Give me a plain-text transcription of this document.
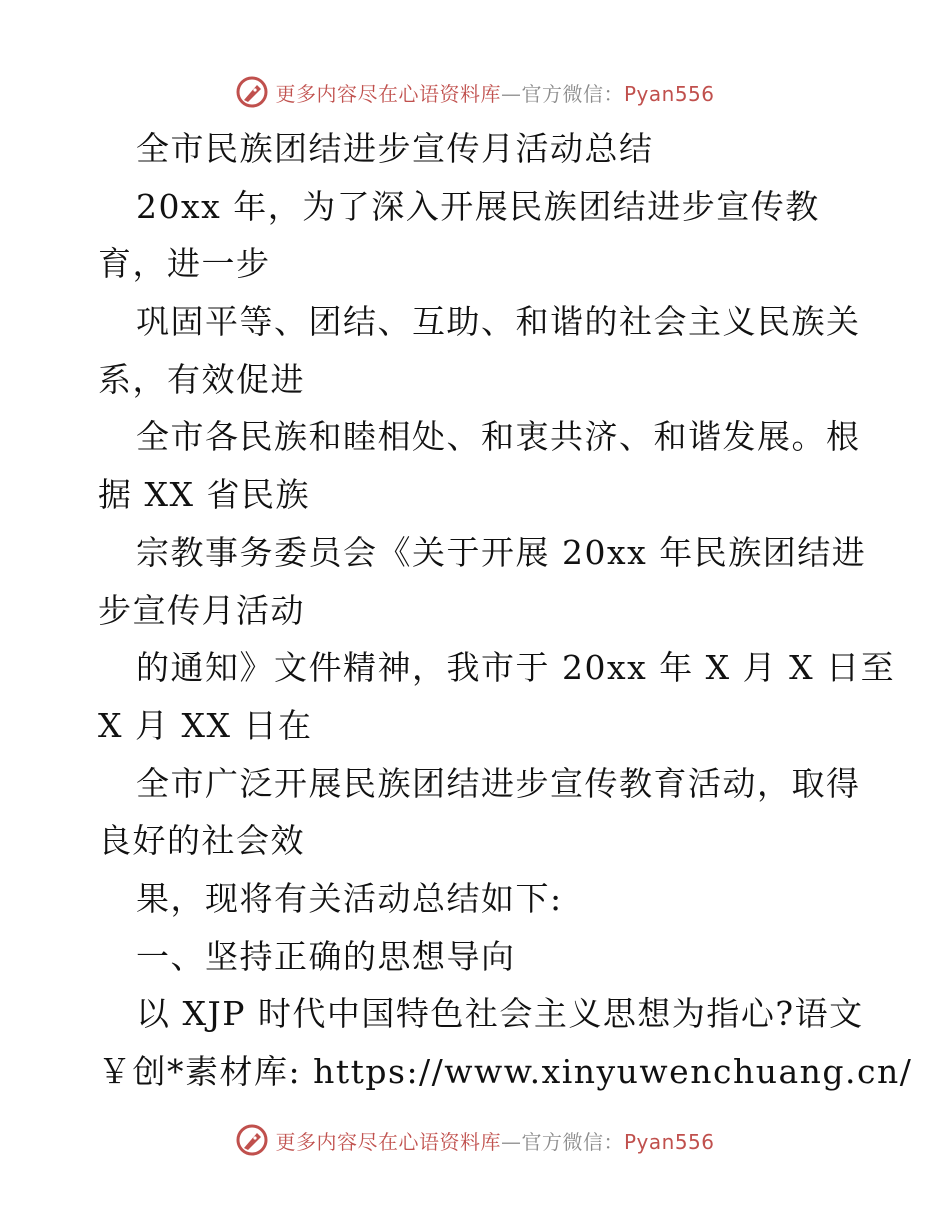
更多内容尽在心语资料库—官方微信：Pyan556
全市民族团结进步宣传月活动总结
20xx 年，为了深入开展民族团结进步宣传教
育，进一步
巩固平等、团结、互助、和谐的社会主义民族关
系，有效促进
全市各民族和睦相处、和衷共济、和谐发展。根
据 XX 省民族
宗教事务委员会《关于开展 20xx 年民族团结进
步宣传月活动
的通知》文件精神，我市于 20xx 年 X 月 X 日至
X 月 XX 日在
全市广泛开展民族团结进步宣传教育活动，取得
良好的社会效
果，现将有关活动总结如下:
一、坚持正确的思想导向
以 XJP 时代中国特色社会主义思想为指心?语文
￥创*素材库: https://www.xinyuwenchuang.cn/
更多内容尽在心语资料库—官方微信：Pyan556
